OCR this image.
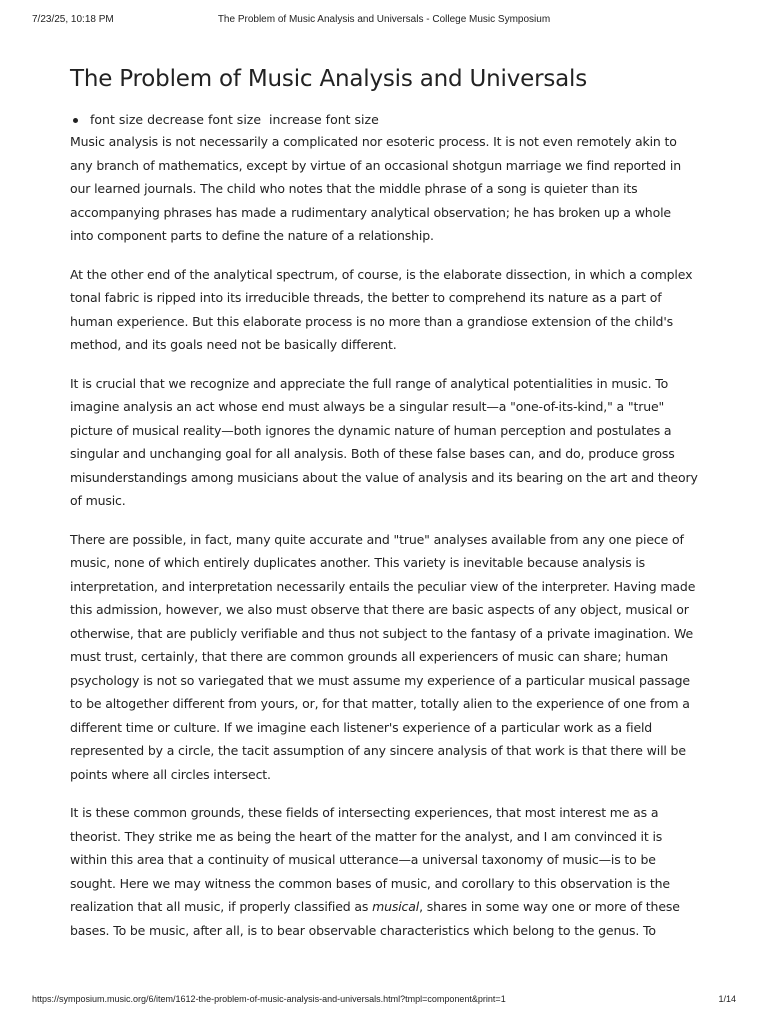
7/23/25, 10:18 PM	The Problem of Music Analysis and Universals - College Music Symposium
The Problem of Music Analysis and Universals
font size decrease font size increase font size

Music analysis is not necessarily a complicated nor esoteric process. It is not even remotely akin to any branch of mathematics, except by virtue of an occasional shotgun marriage we find reported in our learned journals. The child who notes that the middle phrase of a song is quieter than its accompanying phrases has made a rudimentary analytical observation; he has broken up a whole into component parts to define the nature of a relationship.

At the other end of the analytical spectrum, of course, is the elaborate dissection, in which a complex tonal fabric is ripped into its irreducible threads, the better to comprehend its nature as a part of human experience. But this elaborate process is no more than a grandiose extension of the child's method, and its goals need not be basically different.

It is crucial that we recognize and appreciate the full range of analytical potentialities in music. To imagine analysis an act whose end must always be a singular result—a "one-of-its-kind," a "true" picture of musical reality—both ignores the dynamic nature of human perception and postulates a singular and unchanging goal for all analysis. Both of these false bases can, and do, produce gross misunderstandings among musicians about the value of analysis and its bearing on the art and theory of music.

There are possible, in fact, many quite accurate and "true" analyses available from any one piece of music, none of which entirely duplicates another. This variety is inevitable because analysis is interpretation, and interpretation necessarily entails the peculiar view of the interpreter. Having made this admission, however, we also must observe that there are basic aspects of any object, musical or otherwise, that are publicly verifiable and thus not subject to the fantasy of a private imagination. We must trust, certainly, that there are common grounds all experiencers of music can share; human psychology is not so variegated that we must assume my experience of a particular musical passage to be altogether different from yours, or, for that matter, totally alien to the experience of one from a different time or culture. If we imagine each listener's experience of a particular work as a field represented by a circle, the tacit assumption of any sincere analysis of that work is that there will be points where all circles intersect.

It is these common grounds, these fields of intersecting experiences, that most interest me as a theorist. They strike me as being the heart of the matter for the analyst, and I am convinced it is within this area that a continuity of musical utterance—a universal taxonomy of music—is to be sought. Here we may witness the common bases of music, and corollary to this observation is the realization that all music, if properly classified as musical, shares in some way one or more of these bases. To be music, after all, is to bear observable characteristics which belong to the genus. To

https://symposium.music.org/6/item/1612-the-problem-of-music-analysis-and-universals.html?tmpl=component&print=1	1/14
